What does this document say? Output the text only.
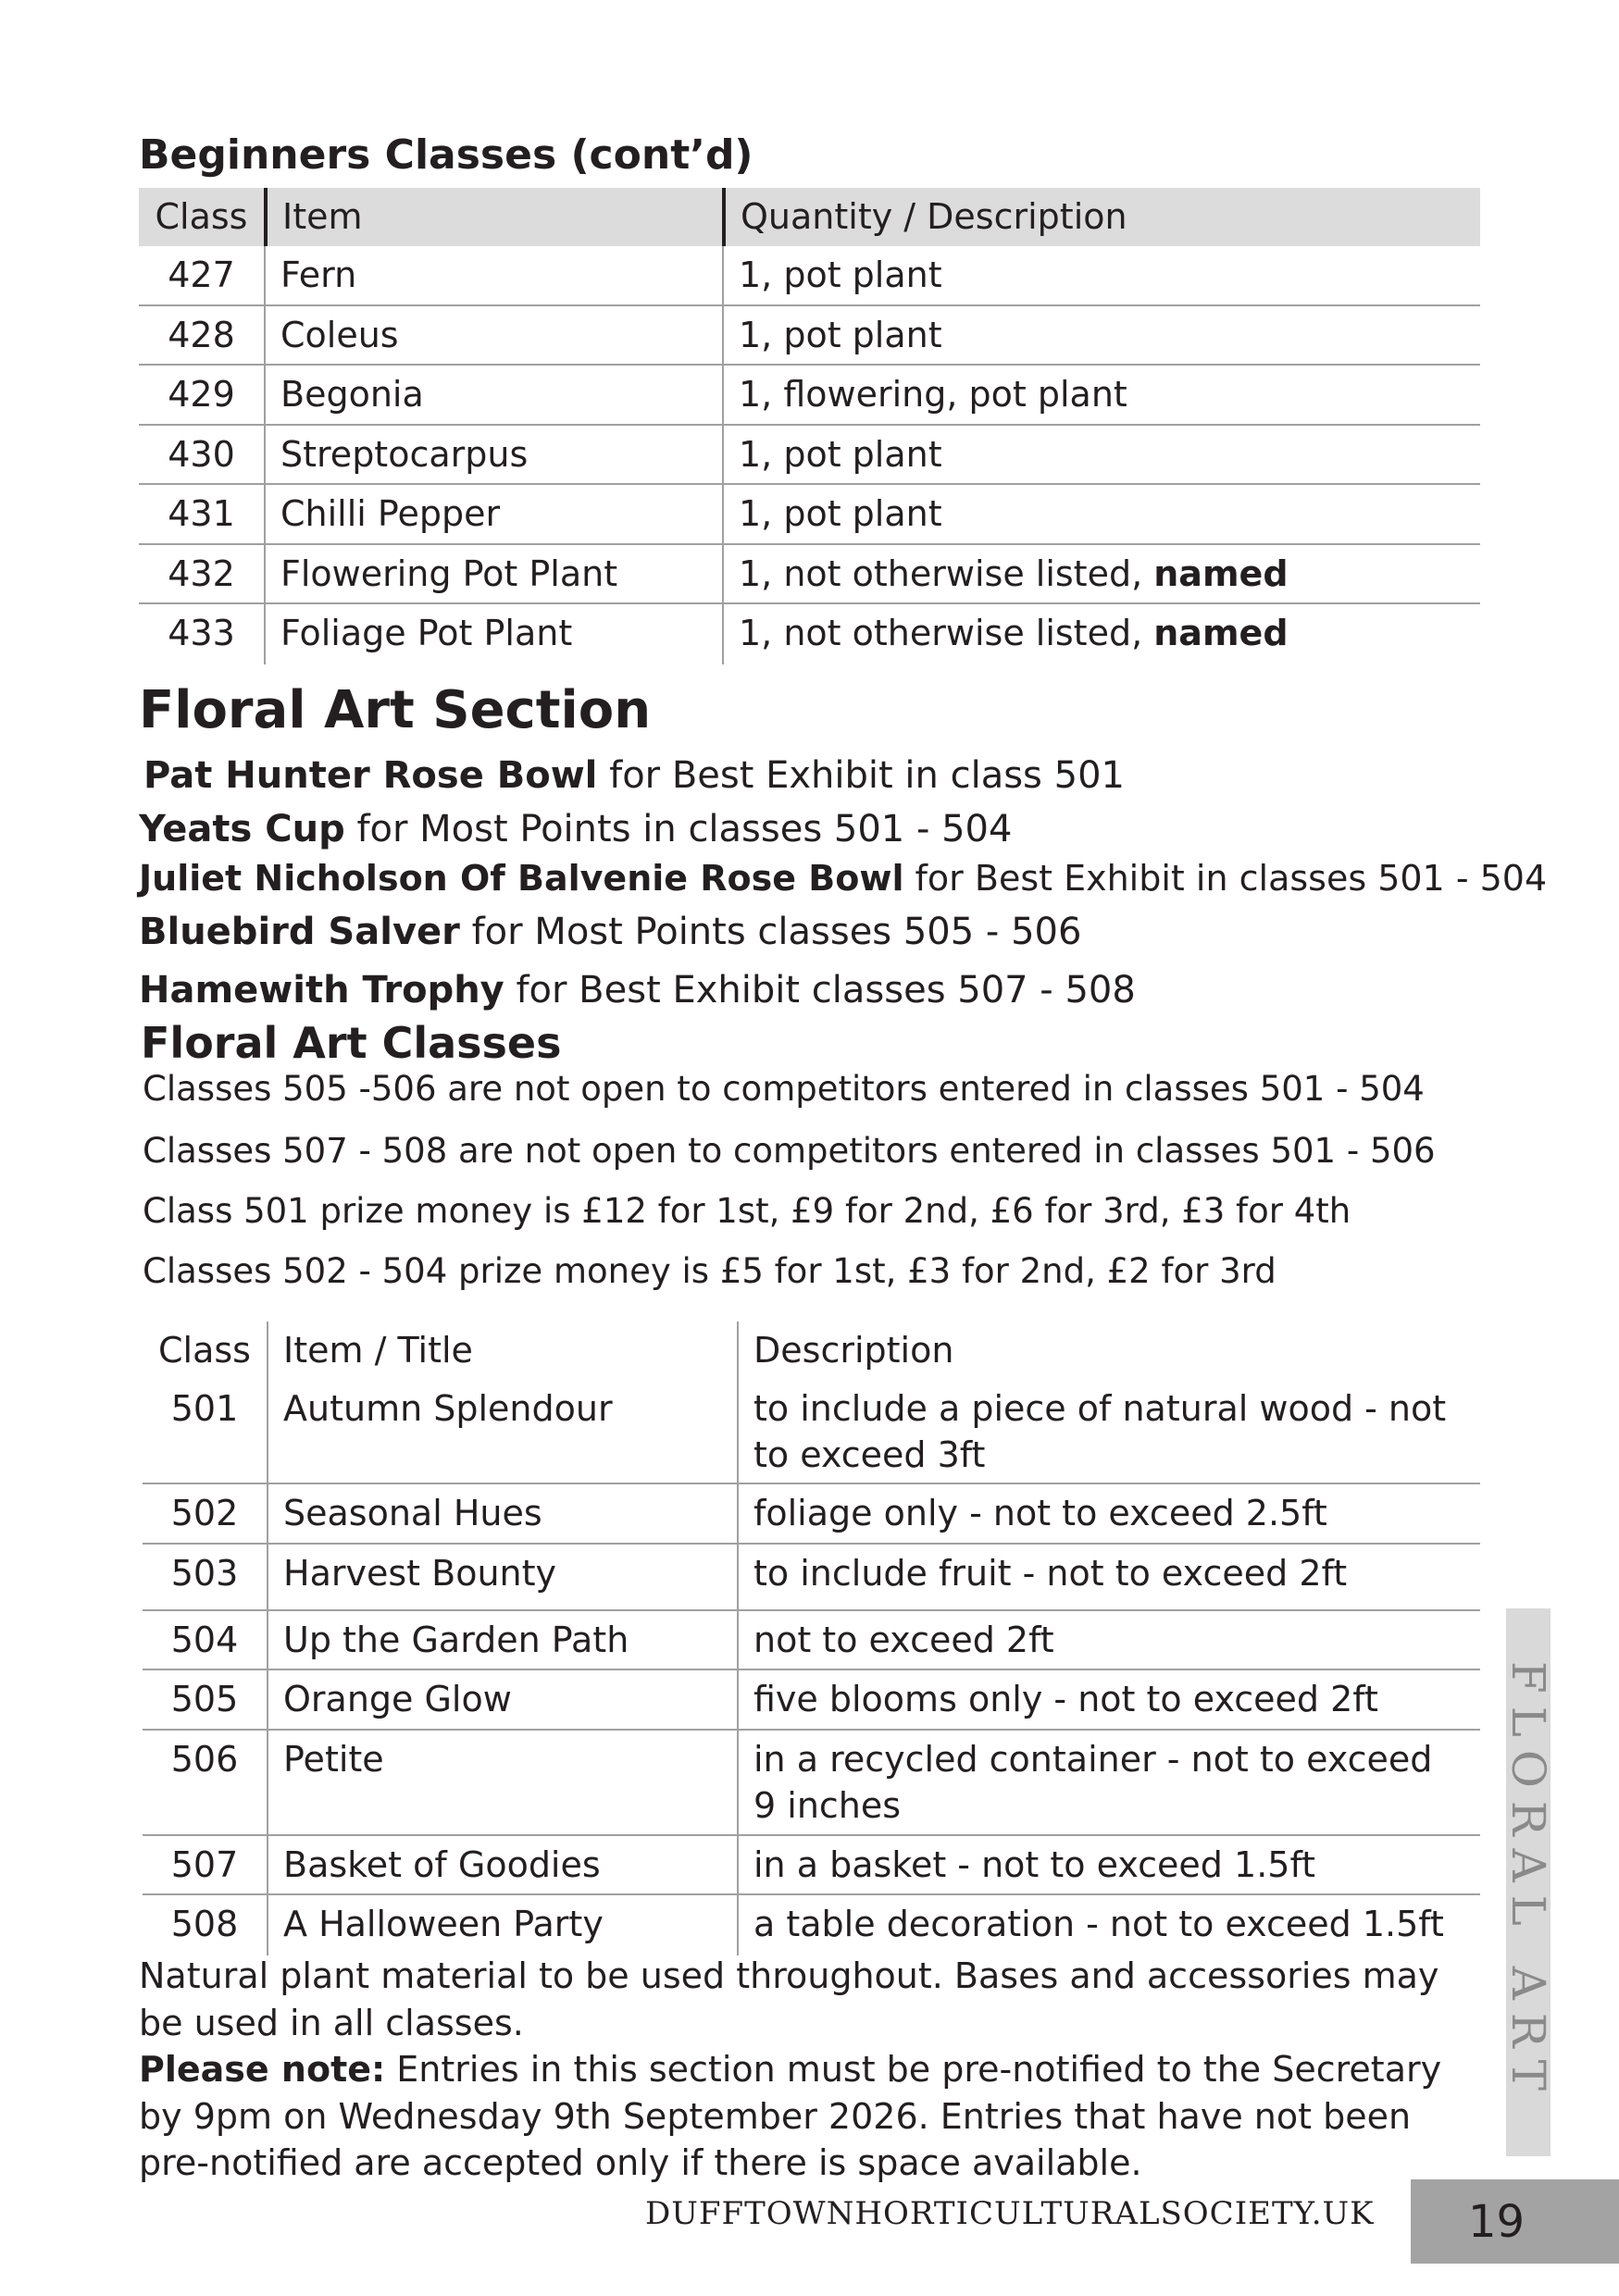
Beginners Classes (cont’d)
Class Item	Quantity / Description
427	Fern	1, pot plant
428	Coleus	1, pot plant
429	Begonia	1, flowering, pot plant
430	Streptocarpus	1, pot plant
431	Chilli Pepper	1, pot plant
432	Flowering Pot Plant	1, not otherwise listed, named
433	Foliage Pot Plant	1, not otherwise listed, named
Floral Art Section
Pat Hunter Rose Bowl for Best Exhibit in class 501
Yeats Cup for Most Points in classes 501 - 504
Juliet Nicholson Of Balvenie Rose Bowl for Best Exhibit in classes 501 - 504
Bluebird Salver for Most Points classes 505 - 506
Hamewith Trophy for Best Exhibit classes 507 - 508
Floral Art Classes
Classes 505 -506 are not open to competitors entered in classes 501 - 504
Classes 507 - 508 are not open to competitors entered in classes 501 - 506
Class 501 prize money is £12 for 1st, £9 for 2nd, £6 for 3rd, £3 for 4th
Classes 502 - 504 prize money is £5 for 1st, £3 for 2nd, £2 for 3rd
Class Item / Title	Description
501	Autumn Splendour	to include a piece of natural wood - not to exceed 3ft
502	Seasonal Hues	foliage only - not to exceed 2.5ft
503	Harvest Bounty	to include fruit - not to exceed 2ft
504	Up the Garden Path	not to exceed 2ft
505	Orange Glow	five blooms only - not to exceed 2ft
506	Petite	in a recycled container - not to exceed 9 inches
507	Basket of Goodies	in a basket - not to exceed 1.5ft
508	A Halloween Party	a table decoration - not to exceed 1.5ft
Natural plant material to be used throughout. Bases and accessories may be used in all classes.
Please note: Entries in this section must be pre-notified to the Secretary by 9pm on Wednesday 9th September 2026. Entries that have not been pre-notified are accepted only if there is space available.
FLORAL ART
DUFFTOWNHORTICULTURALSOCIETY.UK	19
